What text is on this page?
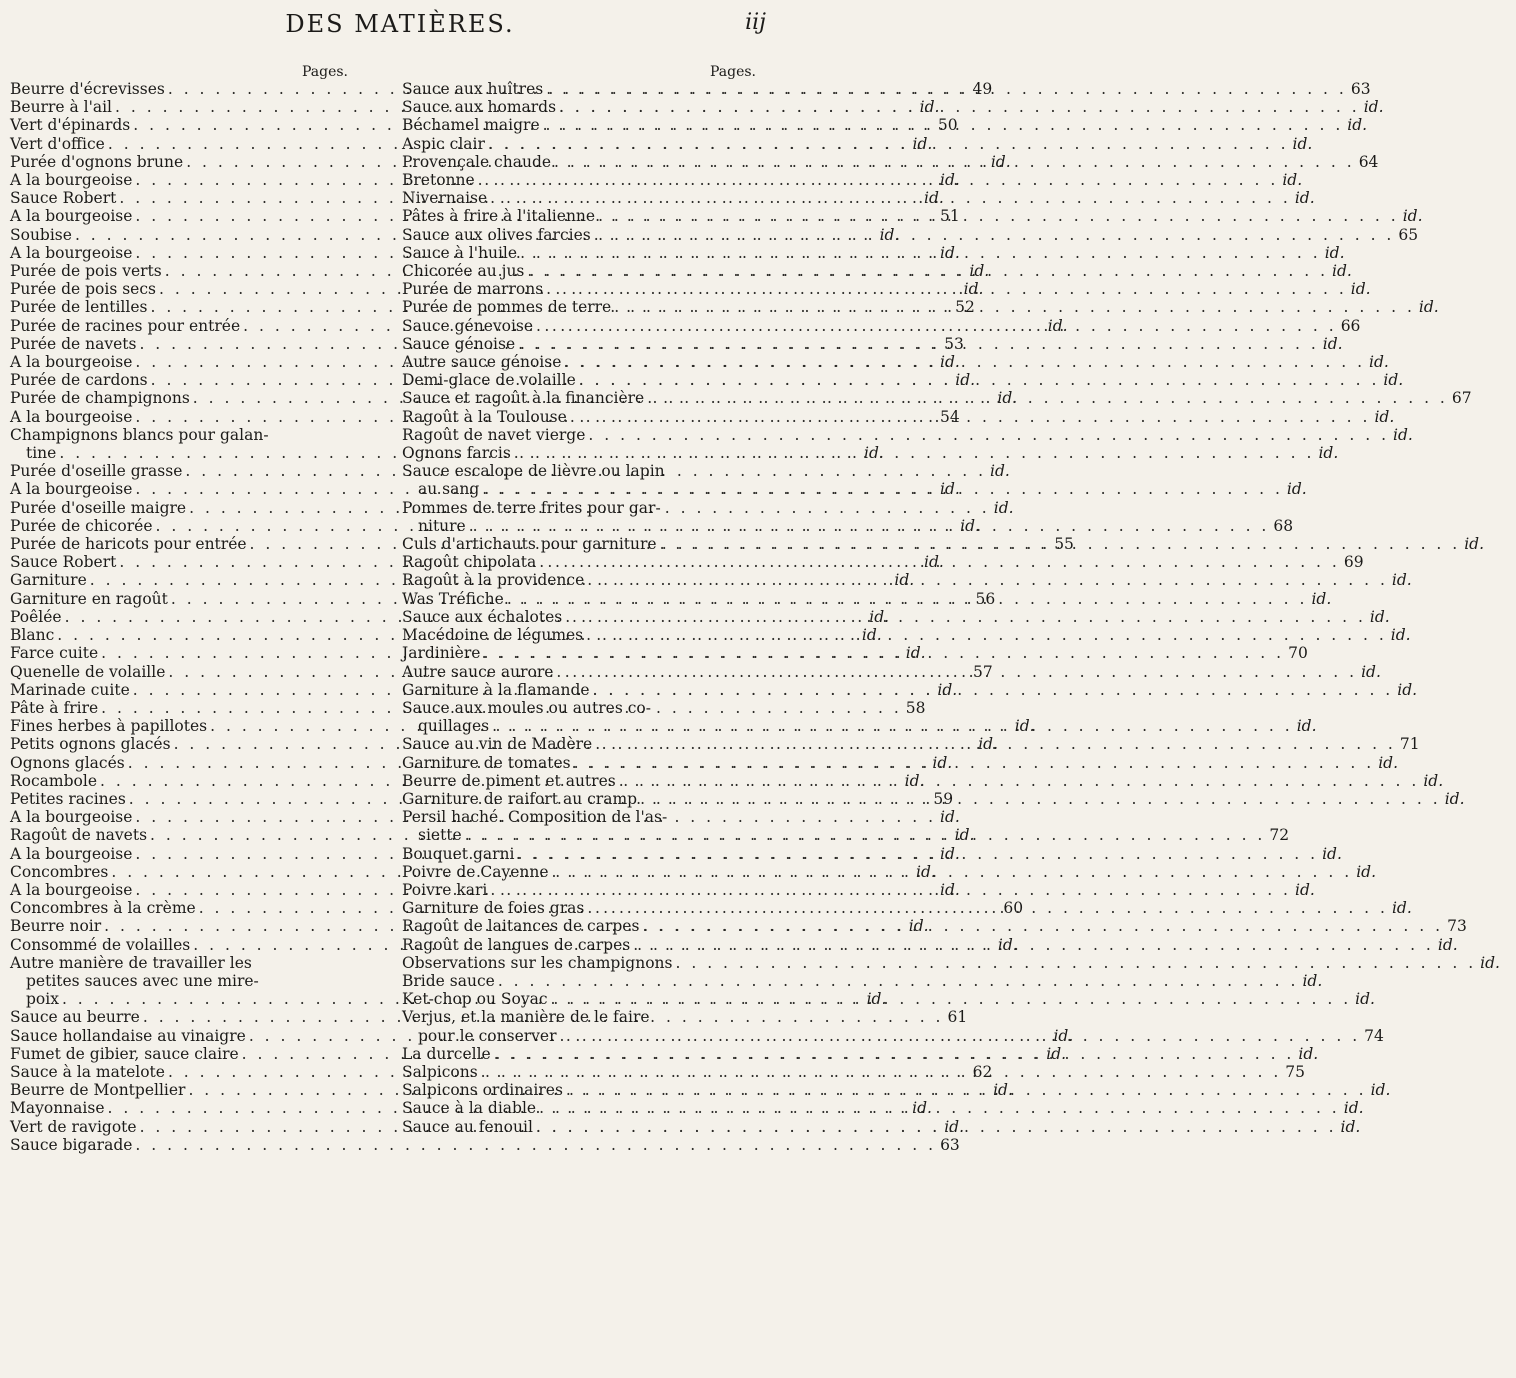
DES MATIÈRES.	iij
Pages.
Beurre d'écrevisses . . .	49
Beurre à l'ail . . .	id.
Vert d'épinards . . .	50
Vert d'office . . .	id.
Purée d'ognons brune . . .	id.
A la bourgeoise . . .	id.
Sauce Robert . . .	id.
A la bourgeoise . . .	51
Soubise . . .	id.
A la bourgeoise . . .	id.
Purée de pois verts . . .	id.
Purée de pois secs . . .	id.
Purée de lentilles . . .	52
Purée de racines pour entrée . . .	id.
Purée de navets . . .	53
A la bourgeoise . . .	id.
Purée de cardons . . .	id.
Purée de champignons . . .	id.
A la bourgeoise . . .	54
Champignons blancs pour galan-
tine . . .	id.
Purée d'oseille grasse . . .	id.
A la bourgeoise . . .	id.
Purée d'oseille maigre . . .	id.
Purée de chicorée . . .	id.
Purée de haricots pour entrée . . .	55
Sauce Robert . . .	id.
Garniture . . .	id.
Garniture en ragoût . . .	56
Poêlée . . .	id.
Blanc . . .	id.
Farce cuite . . .	id.
Quenelle de volaille . . .	57
Marinade cuite . . .	id.
Pâte à frire . . .	58
Fines herbes à papillotes . . .	id.
Petits ognons glacés . . .	id.
Ognons glacés . . .	id.
Rocambole . . .	id.
Petites racines . . .	59
A la bourgeoise . . .	id.
Ragoût de navets . . .	id.
A la bourgeoise . . .	id.
Concombres . . .	id.
A la bourgeoise . . .	id.
Concombres à la crème . . .	60
Beurre noir . . .	id.
Consommé de volailles . . .	id.
Autre manière de travailler les
petites sauces avec une mire-
poix . . .	id.
Sauce au beurre . . .	61
Sauce hollandaise au vinaigre . . .	id.
Fumet de gibier, sauce claire . . .	id.
Sauce à la matelote . . .	62
Beurre de Montpellier . . .	id.
Mayonnaise . . .	id.
Vert de ravigote . . .	id.
Sauce bigarade . . .	63
Pages.
Sauce aux huîtres . . .	63
Sauce aux homards . . .	id.
Béchamel maigre . . .	id.
Aspic clair . . .	id.
Provençale chaude . . .	64
Bretonne . . .	id.
Nivernaise . . .	id.
Pâtes à frire à l'italienne . . .	id.
Sauce aux olives farcies . . .	65
Sauce à l'huile . . .	id.
Chicorée au jus . . .	id.
Purée de marrons . . .	id.
Purée de pommes de terre . . .	id.
Sauce génevoise . . .	66
Sauce génoise . . .	id.
Autre sauce génoise . . .	id.
Demi-glace de volaille . . .	id.
Sauce et ragoût à la financière . . .	67
Ragoût à la Toulouse . . .	id.
Ragoût de navet vierge . . .	id.
Ognons farcis . . .	id.
Sauce escalope de lièvre ou lapin
au sang . . .	id.
Pommes de terre frites pour gar-
niture . . .	68
Culs d'artichauts pour garniture . . .	id.
Ragoût chipolata . . .	69
Ragoût à la providence . . .	id.
Was Tréfiche . . .	id.
Sauce aux échalotes . . .	id.
Macédoine de légumes . . .	id.
Jardinière . . .	70
Autre sauce aurore . . .	id.
Garniture à la flamande . . .	id.
Sauce aux moules ou autres co-
quillages . . .	id.
Sauce au vin de Madère . . .	71
Garniture de tomates . . .	id.
Beurre de piment et autres . . .	id.
Garniture de raifort au cramp . . .	id.
Persil haché. Composition de l'as-
siette . . .	72
Bouquet garni . . .	id.
Poivre de Cayenne . . .	id.
Poivre kari . . .	id.
Garniture de foies gras . . .	id.
Ragoût de laitances de carpes . . .	73
Ragoût de langues de carpes . . .	id.
Observations sur les champignons . . .	id.
Bride sauce . . .	id.
Ket-chop ou Soyac . . .	id.
Verjus, et la manière de le faire
pour le conserver . . .	74
La durcelle . . .	id.
Salpicons . . .	75
Salpicons ordinaires . . .	id.
Sauce à la diable . . .	id.
Sauce au fenouil . . .	id.
